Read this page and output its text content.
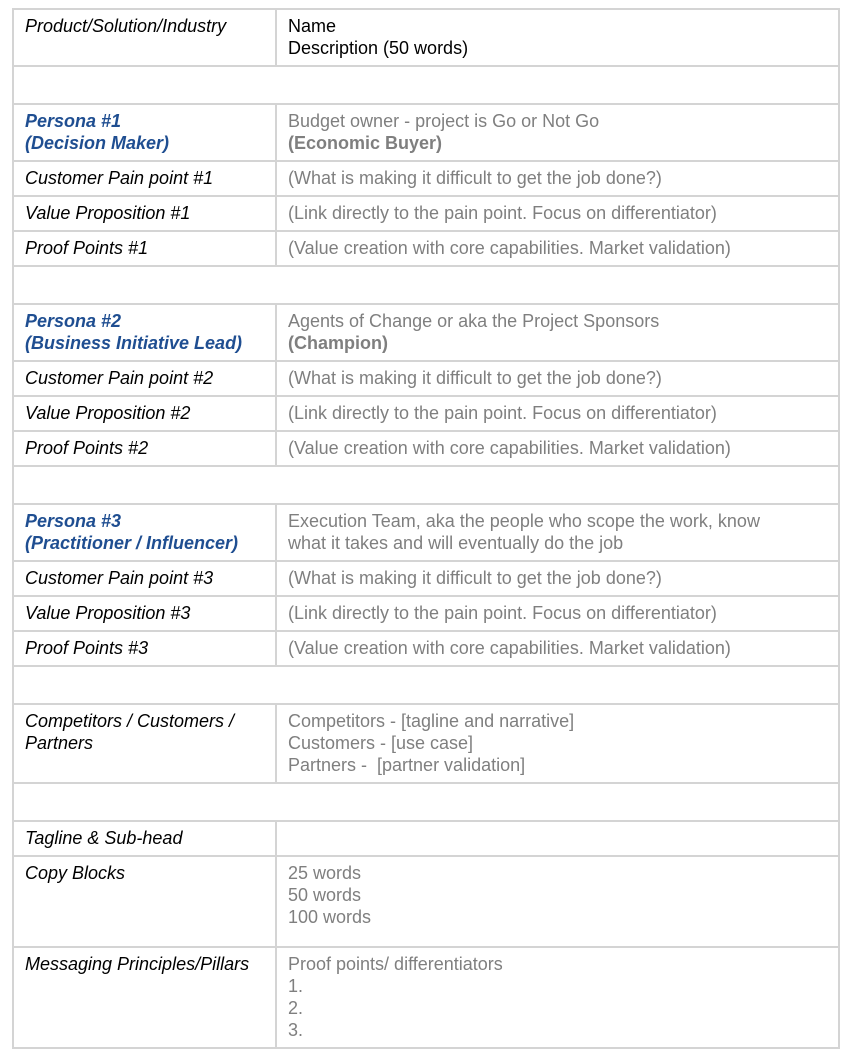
Product/Solution/Industry	Name
Description (50 words)

Persona #1
(Decision Maker)	Budget owner - project is Go or Not Go
(Economic Buyer)

Customer Pain point #1	(What is making it difficult to get the job done?)
Value Proposition #1	(Link directly to the pain point. Focus on differentiator)
Proof Points #1	(Value creation with core capabilities. Market validation)

Persona #2
(Business Initiative Lead)	Agents of Change or aka the Project Sponsors
(Champion)

Customer Pain point #2	(What is making it difficult to get the job done?)
Value Proposition #2	(Link directly to the pain point. Focus on differentiator)
Proof Points #2	(Value creation with core capabilities. Market validation)

Persona #3
(Practitioner / Influencer)	Execution Team, aka the people who scope the work, know
what it takes and will eventually do the job

Customer Pain point #3	(What is making it difficult to get the job done?)
Value Proposition #3	(Link directly to the pain point. Focus on differentiator)
Proof Points #3	(Value creation with core capabilities. Market validation)

Competitors / Customers /
Partners	Competitors - [tagline and narrative]
Customers - [use case]
Partners -  [partner validation]

Tagline & Sub-head	
Copy Blocks	25 words
50 words
100 words

Messaging Principles/Pillars	Proof points/ differentiators
1.
2.
3.
